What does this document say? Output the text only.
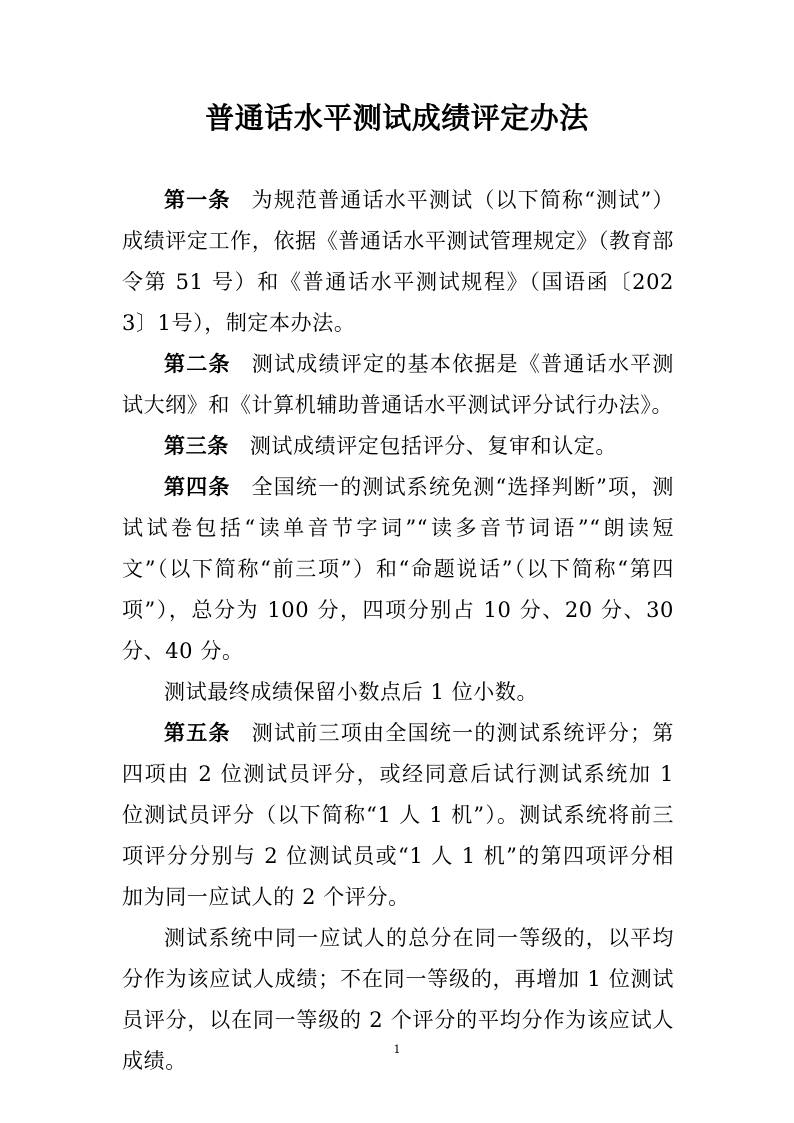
普通话水平测试成绩评定办法

第一条 为规范普通话水平测试（以下简称“测试”）成绩评定工作，依据《普通话水平测试管理规定》（教育部令第 51 号）和《普通话水平测试规程》（国语函〔2023〕1号），制定本办法。

第二条 测试成绩评定的基本依据是《普通话水平测试大纲》和《计算机辅助普通话水平测试评分试行办法》。

第三条 测试成绩评定包括评分、复审和认定。

第四条 全国统一的测试系统免测“选择判断”项，测试试卷包括“读单音节字词”“读多音节词语”“朗读短文”（以下简称“前三项”）和“命题说话”（以下简称“第四项”），总分为 100 分，四项分别占 10 分、20 分、30 分、40 分。

测试最终成绩保留小数点后 1 位小数。

第五条 测试前三项由全国统一的测试系统评分；第四项由 2 位测试员评分，或经同意后试行测试系统加 1 位测试员评分（以下简称“1 人 1 机”）。测试系统将前三项评分分别与 2 位测试员或“1 人 1 机”的第四项评分相加为同一应试人的 2 个评分。

测试系统中同一应试人的总分在同一等级的，以平均分作为该应试人成绩；不在同一等级的，再增加 1 位测试员评分，以在同一等级的 2 个评分的平均分作为该应试人成绩。	1
